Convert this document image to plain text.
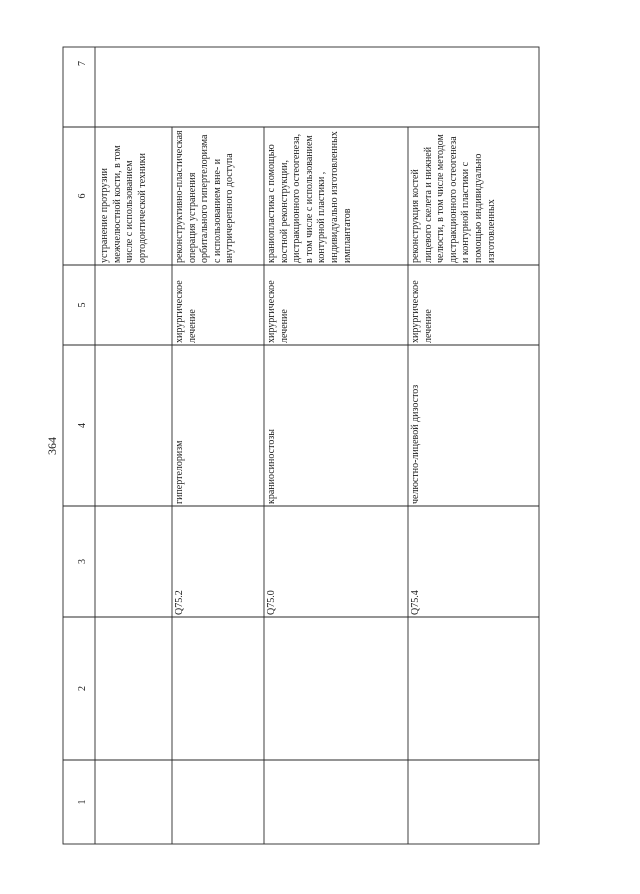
364
1
2
3
4
5
6
7
устранение протрузии межчелюстной кости, в том числе с использованием ортодонтической техники
Q75.2
гипертелоризм
хирургическое лечение
реконструктивно-пластическая операция устранения орбитального гипертелоризма с использованием вне- и внутричерепного доступа
Q75.0
краниосиностозы
хирургическое лечение
краниопластика с помощью костной реконструкции, дистракционного остеогенеза, в том числе с использованием контурной пластики , индивидуально изготовленных имплантатов
Q75.4
челюстно-лицевой дизостоз
хирургическое лечение
реконструкция костей лицевого скелета и нижней челюсти, в том числе методом дистракционного остеогенеза и контурной пластики с помощью индивидуально изготовленных
